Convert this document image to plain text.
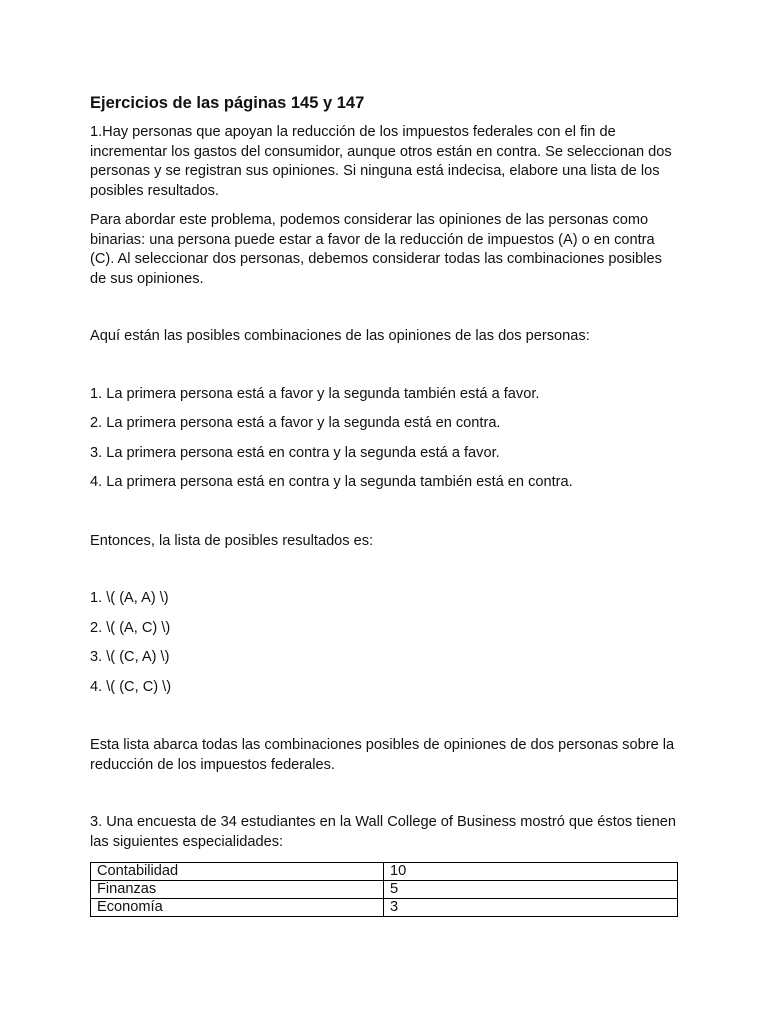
Ejercicios de las páginas 145 y 147

1.Hay personas que apoyan la reducción de los impuestos federales con el fin de incrementar los gastos del consumidor, aunque otros están en contra. Se seleccionan dos personas y se registran sus opiniones. Si ninguna está indecisa, elabore una lista de los posibles resultados.

Para abordar este problema, podemos considerar las opiniones de las personas como binarias: una persona puede estar a favor de la reducción de impuestos (A) o en contra (C). Al seleccionar dos personas, debemos considerar todas las combinaciones posibles de sus opiniones.

Aquí están las posibles combinaciones de las opiniones de las dos personas:

1. La primera persona está a favor y la segunda también está a favor.
2. La primera persona está a favor y la segunda está en contra.
3. La primera persona está en contra y la segunda está a favor.
4. La primera persona está en contra y la segunda también está en contra.

Entonces, la lista de posibles resultados es:

1. \( (A, A) \)
2. \( (A, C) \)
3. \( (C, A) \)
4. \( (C, C) \)

Esta lista abarca todas las combinaciones posibles de opiniones de dos personas sobre la reducción de los impuestos federales.

3. Una encuesta de 34 estudiantes en la Wall College of Business mostró que éstos tienen las siguientes especialidades:

Contabilidad	10
Finanzas	5
Economía	3
